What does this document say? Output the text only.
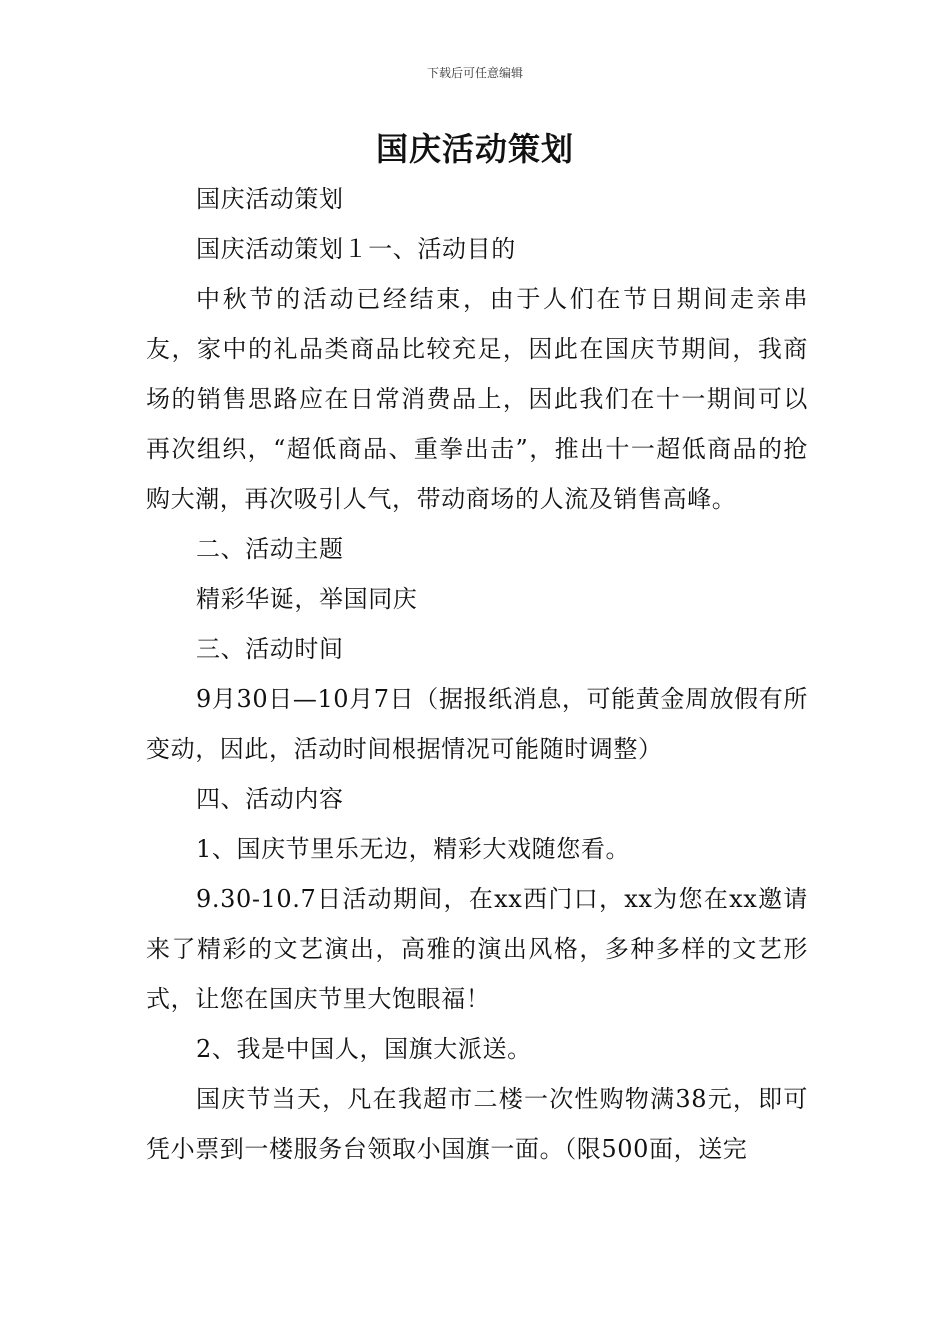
下载后可任意编辑
国庆活动策划

国庆活动策划

国庆活动策划１一、活动目的

中秋节的活动已经结束，由于人们在节日期间走亲串友，家中的礼品类商品比较充足，因此在国庆节期间，我商场的销售思路应在日常消费品上，因此我们在十一期间可以再次组织，“超低商品、重拳出击”，推出十一超低商品的抢购大潮，再次吸引人气，带动商场的人流及销售高峰。

二、活动主题

精彩华诞，举国同庆

三、活动时间

9月30日—10月7日（据报纸消息，可能黄金周放假有所变动，因此，活动时间根据情况可能随时调整）

四、活动内容

1、国庆节里乐无边，精彩大戏随您看。

9.30-10.7日活动期间，在xx西门口，xx为您在xx邀请来了精彩的文艺演出，高雅的演出风格，多种多样的文艺形式，让您在国庆节里大饱眼福！

2、我是中国人，国旗大派送。

国庆节当天，凡在我超市二楼一次性购物满38元，即可凭小票到一楼服务台领取小国旗一面。（限500面，送完
